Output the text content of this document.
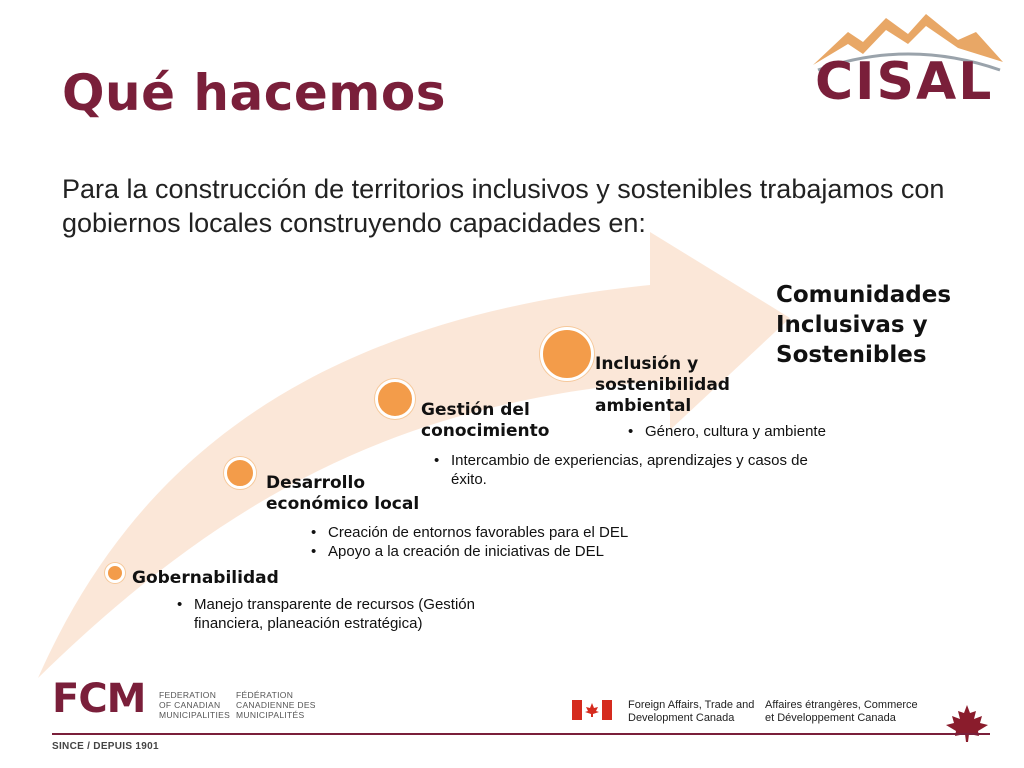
Qué hacemos
Para la construcción de territorios inclusivos y sostenibles trabajamos con gobiernos locales construyendo capacidades en:
CISAL
Comunidades
Inclusivas y
Sostenibles
Gobernabilidad
• Manejo transparente de recursos (Gestión financiera, planeación estratégica)
Desarrollo económico local
• Creación de entornos favorables para el DEL
• Apoyo a la creación de iniciativas de DEL
Gestión del conocimiento
• Intercambio de experiencias, aprendizajes y casos de éxito.
Inclusión y sostenibilidad ambiental
• Género, cultura y ambiente
FCM FEDERATION
OF CANADIAN
MUNICIPALITIES
FÉDÉRATION
CANADIENNE DES
MUNICIPALITÉS
Foreign Affairs, Trade and
Development Canada
Affaires étrangères, Commerce
et Développement Canada
SINCE / DEPUIS 1901
